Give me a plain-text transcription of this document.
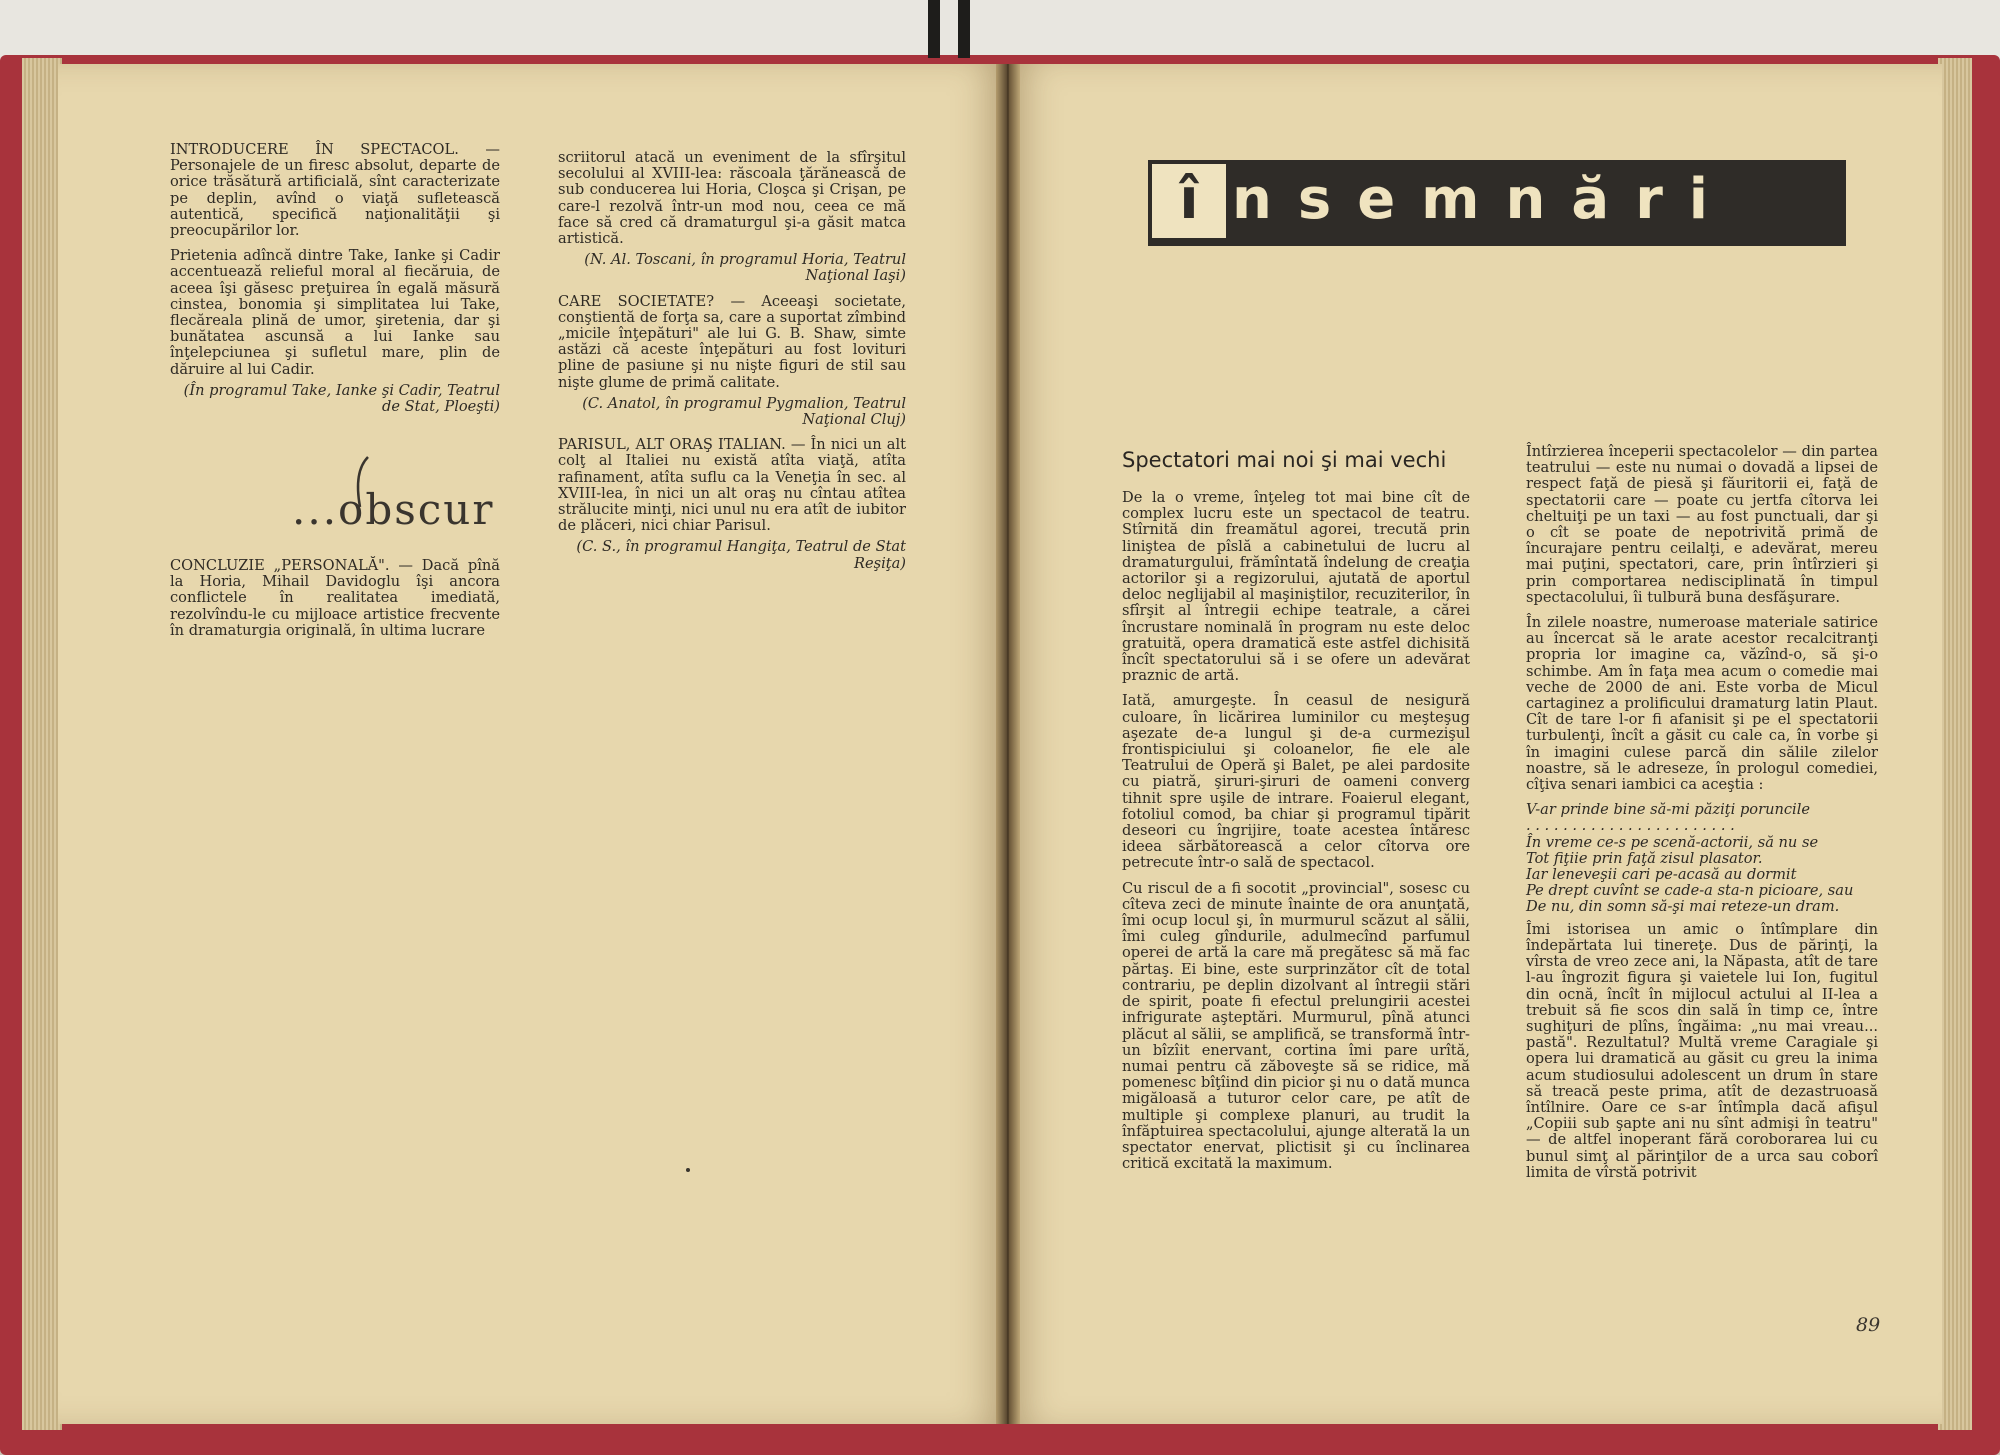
INTRODUCERE ÎN SPECTACOL. — Personajele de un firesc absolut, departe de orice trăsătură artificială, sînt caracterizate pe deplin, avînd o viaţă sufletească autentică, specifică naţionalităţii şi preocupărilor lor.

Prietenia adîncă dintre Take, Ianke şi Cadir accentuează relieful moral al fiecăruia, de aceea îşi găsesc preţuirea în egală măsură cinstea, bonomia şi simplitatea lui Take, flecăreala plină de umor, şiretenia, dar şi bunătatea ascunsă a lui Ianke sau înţelepciunea şi sufletul mare, plin de dăruire al lui Cadir.

(În programul Take, Ianke şi Cadir, Teatrul de Stat, Ploeşti)

...obscur

CONCLUZIE „PERSONALĂ". — Dacă pînă la Horia, Mihail Davidoglu îşi ancora conflictele în realitatea imediată, rezolvîndu-le cu mijloace artistice frecvente în dramaturgia originală, în ultima lucrare

scriitorul atacă un eveniment de la sfîrşitul secolului al XVIII-lea: răscoala ţărănească de sub conducerea lui Horia, Cloşca şi Crişan, pe care-l rezolvă într-un mod nou, ceea ce mă face să cred că dramaturgul şi-a găsit matca artistică.

(N. Al. Toscani, în programul Horia, Teatrul Naţional Iaşi)

CARE SOCIETATE? — Aceeaşi societate, conştientă de forţa sa, care a suportat zîmbind „micile înţepături" ale lui G. B. Shaw, simte astăzi că aceste înţepături au fost lovituri pline de pasiune şi nu nişte figuri de stil sau nişte glume de primă calitate.

(C. Anatol, în programul Pygmalion, Teatrul Naţional Cluj)

PARISUL, ALT ORAŞ ITALIAN. — În nici un alt colţ al Italiei nu există atîta viaţă, atîta rafinament, atîta suflu ca la Veneţia în sec. al XVIII-lea, în nici un alt oraş nu cîntau atîtea strălucite minţi, nici unul nu era atît de iubitor de plăceri, nici chiar Parisul.

(C. S., în programul Hangiţa, Teatrul de Stat Reşiţa)

î nsemnări
Spectatori mai noi şi mai vechi

De la o vreme, înţeleg tot mai bine cît de complex lucru este un spectacol de teatru. Stîrnită din freamătul agorei, trecută prin liniştea de pîslă a cabinetului de lucru al dramaturgului, frămîntată îndelung de creaţia actorilor şi a regizorului, ajutată de aportul deloc neglijabil al maşiniştilor, recuziterilor, în sfîrşit al întregii echipe teatrale, a cărei încrustare nominală în program nu este deloc gratuită, opera dramatică este astfel dichisită încît spectatorului să i se ofere un adevărat praznic de artă.

Iată, amurgeşte. În ceasul de nesigură culoare, în licărirea luminilor cu meşteşug aşezate de-a lungul şi de-a curmezişul frontispiciului şi coloanelor, fie ele ale Teatrului de Operă şi Balet, pe alei pardosite cu piatră, şiruri-şiruri de oameni converg tihnit spre uşile de intrare. Foaierul elegant, fotoliul comod, ba chiar şi programul tipărit deseori cu îngrijire, toate acestea întăresc ideea sărbătorească a celor cîtorva ore petrecute într-o sală de spectacol.

Cu riscul de a fi socotit „provincial", sosesc cu cîteva zeci de minute înainte de ora anunţată, îmi ocup locul şi, în murmurul scăzut al sălii, îmi culeg gîndurile, adulmecînd parfumul operei de artă la care mă pregătesc să mă fac părtaş. Ei bine, este surprinzător cît de total contrariu, pe deplin dizolvant al întregii stări de spirit, poate fi efectul prelungirii acestei infrigurate aşteptări. Murmurul, pînă atunci plăcut al sălii, se amplifică, se transformă într-un bîzîit enervant, cortina îmi pare urîtă, numai pentru că zăboveşte să se ridice, mă pomenesc bîţîind din picior şi nu o dată munca migăloasă a tuturor celor care, pe atît de multiple şi complexe planuri, au trudit la înfăptuirea spectacolului, ajunge alterată la un spectator enervat, plictisit şi cu înclinarea critică excitată la maximum.

Întîrzierea începerii spectacolelor — din partea teatrului — este nu numai o dovadă a lipsei de respect faţă de piesă şi făuritorii ei, faţă de spectatorii care — poate cu jertfa cîtorva lei cheltuiţi pe un taxi — au fost punctuali, dar şi o cît se poate de nepotrivită primă de încurajare pentru ceilalţi, e adevărat, mereu mai puţini, spectatori, care, prin întîrzieri şi prin comportarea nedisciplinată în timpul spectacolului, îi tulbură buna desfăşurare.

În zilele noastre, numeroase materiale satirice au încercat să le arate acestor recalcitranţi propria lor imagine ca, văzînd-o, să şi-o schimbe. Am în faţa mea acum o comedie mai veche de 2000 de ani. Este vorba de Micul cartaginez a prolificului dramaturg latin Plaut. Cît de tare l-or fi afanisit şi pe el spectatorii turbulenţi, încît a găsit cu cale ca, în vorbe şi în imagini culese parcă din sălile zilelor noastre, să le adreseze, în prologul comediei, cîţiva senari iambici ca aceştia :

V-ar prinde bine să-mi păziţi poruncile
. . . . . . . . . . . . . . . . . . . . . . .
În vreme ce-s pe scenă-actorii, să nu se
Tot fiţiie prin faţă zisul plasator.
Iar leneveşii cari pe-acasă au dormit
Pe drept cuvînt se cade-a sta-n picioare, sau
De nu, din somn să-şi mai reteze-un dram.

Îmi istorisea un amic o întîmplare din îndepărtata lui tinereţe. Dus de părinţi, la vîrsta de vreo zece ani, la Năpasta, atît de tare l-au îngrozit figura şi vaietele lui Ion, fugitul din ocnă, încît în mijlocul actului al II-lea a trebuit să fie scos din sală în timp ce, între sughiţuri de plîns, îngăima: „nu mai vreau... pastă". Rezultatul? Multă vreme Caragiale şi opera lui dramatică au găsit cu greu la inima acum studiosului adolescent un drum în stare să treacă peste prima, atît de dezastruoasă întîlnire. Oare ce s-ar întîmpla dacă afişul „Copiii sub şapte ani nu sînt admişi în teatru" — de altfel inoperant fără coroborarea lui cu bunul simţ al părinţilor de a urca sau coborî limita de vîrstă potrivit

89
